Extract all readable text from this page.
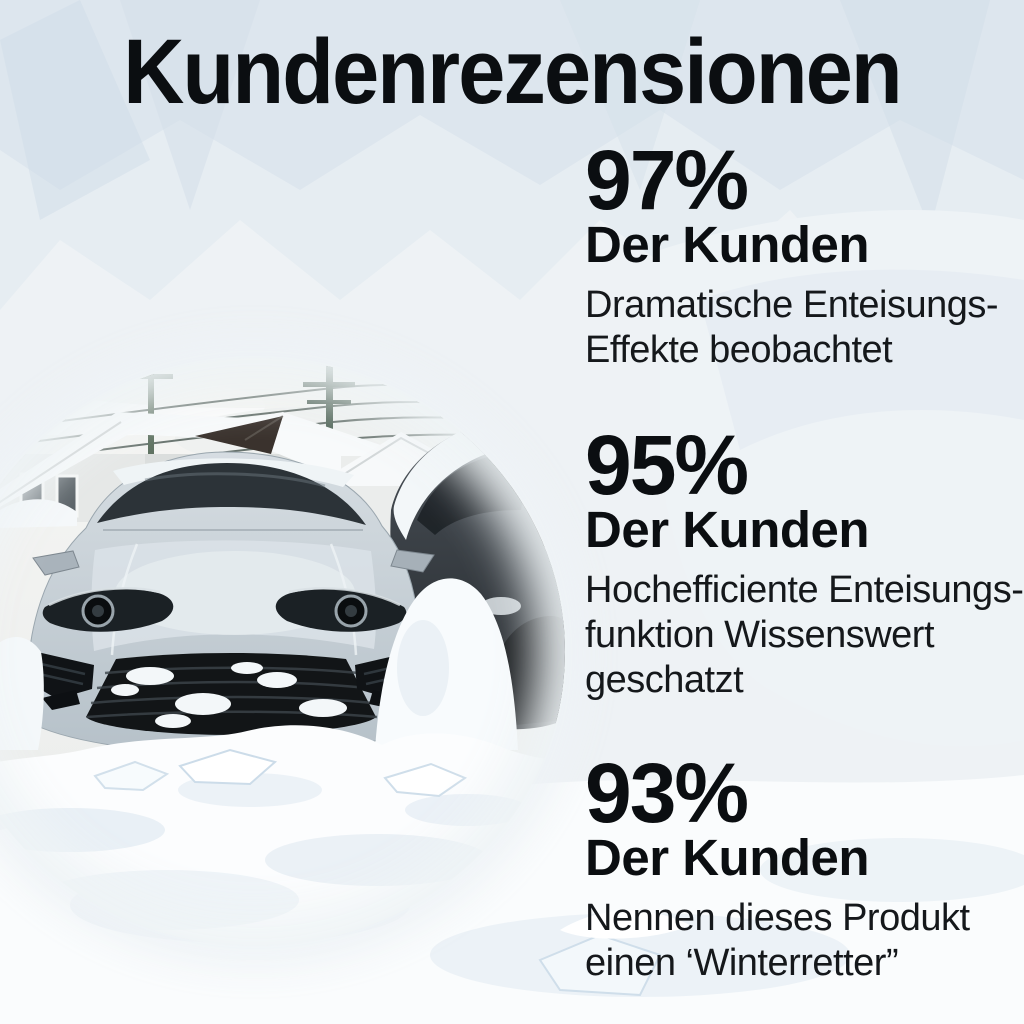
Kundenrezensionen
97%
Der Kunden
Dramatische Enteisungs-
Effekte beobachtet
95%
Der Kunden
Hochefficiente Enteisungs-
funktion Wissenswert
geschatzt
93%
Der Kunden
Nennen dieses Produkt
einen ‘Winterretter”
